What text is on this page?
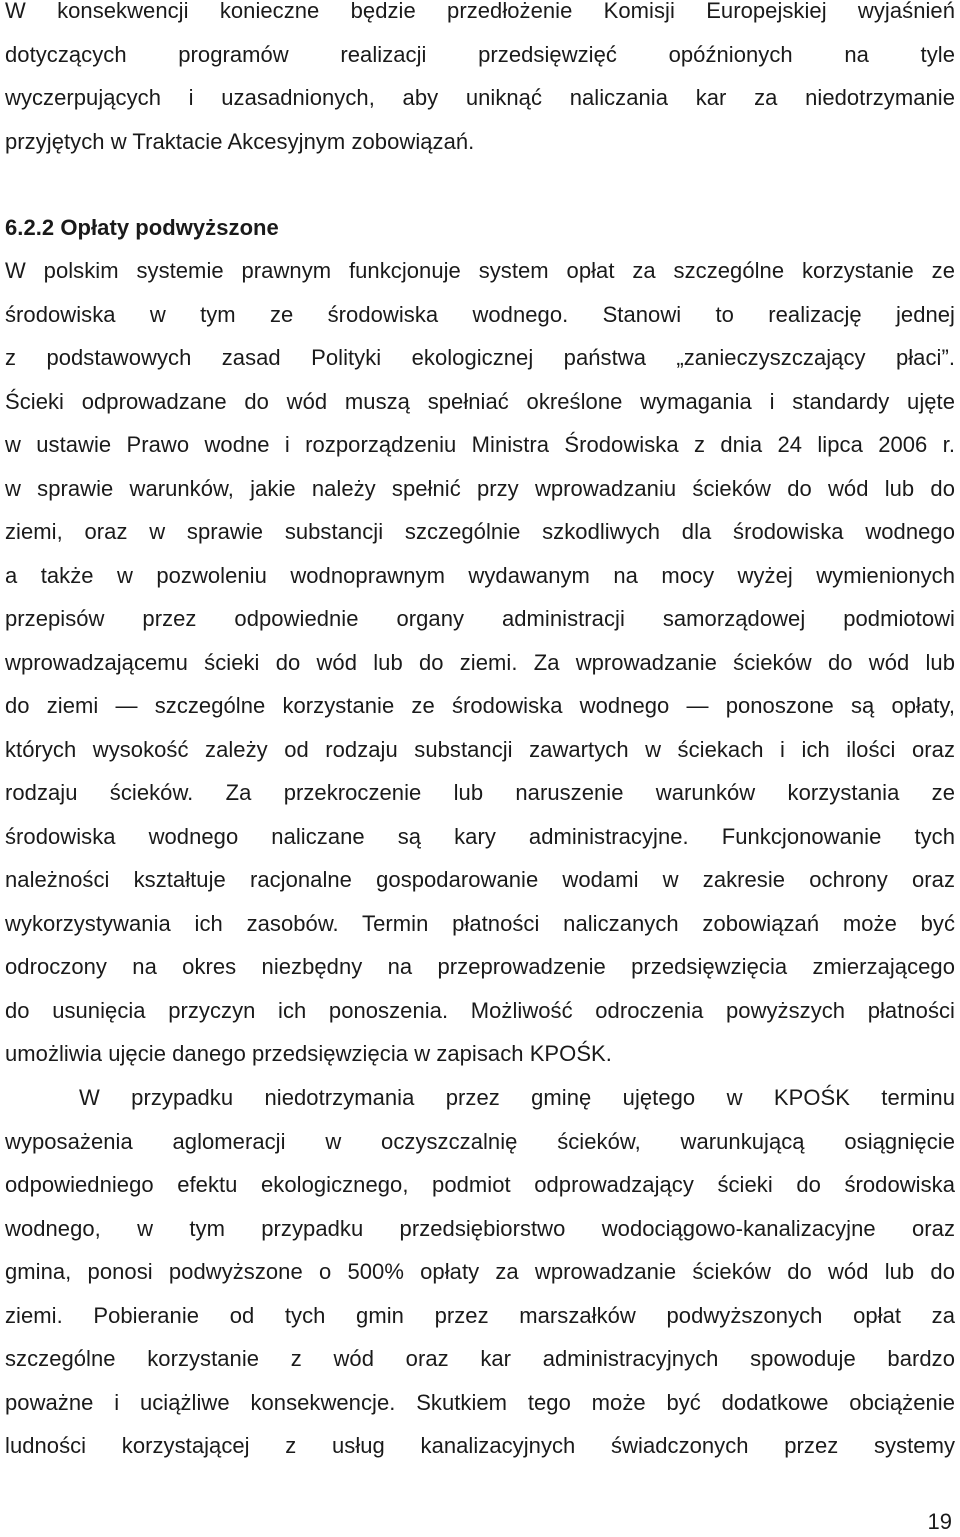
W konsekwencji konieczne będzie przedłożenie Komisji Europejskiej wyjaśnień
dotyczących programów realizacji przedsięwzięć opóźnionych na tyle
wyczerpujących i uzasadnionych, aby uniknąć naliczania kar za niedotrzymanie
przyjętych w Traktacie Akcesyjnym zobowiązań.
6.2.2 Opłaty podwyższone
W polskim systemie prawnym funkcjonuje system opłat za szczególne korzystanie ze
środowiska w tym ze środowiska wodnego. Stanowi to realizację jednej
z podstawowych zasad Polityki ekologicznej państwa „zanieczyszczający płaci”.
Ścieki odprowadzane do wód muszą spełniać określone wymagania i standardy ujęte
w ustawie Prawo wodne i rozporządzeniu Ministra Środowiska z dnia 24 lipca 2006 r.
w sprawie warunków, jakie należy spełnić przy wprowadzaniu ścieków do wód lub do
ziemi, oraz w sprawie substancji szczególnie szkodliwych dla środowiska wodnego
a także w pozwoleniu wodnoprawnym wydawanym na mocy wyżej wymienionych
przepisów przez odpowiednie organy administracji samorządowej podmiotowi
wprowadzającemu ścieki do wód lub do ziemi. Za wprowadzanie ścieków do wód lub
do ziemi — szczególne korzystanie ze środowiska wodnego — ponoszone są opłaty,
których wysokość zależy od rodzaju substancji zawartych w ściekach i ich ilości oraz
rodzaju ścieków. Za przekroczenie lub naruszenie warunków korzystania ze
środowiska wodnego naliczane są kary administracyjne. Funkcjonowanie tych
należności kształtuje racjonalne gospodarowanie wodami w zakresie ochrony oraz
wykorzystywania ich zasobów. Termin płatności naliczanych zobowiązań może być
odroczony na okres niezbędny na przeprowadzenie przedsięwzięcia zmierzającego
do usunięcia przyczyn ich ponoszenia. Możliwość odroczenia powyższych płatności
umożliwia ujęcie danego przedsięwzięcia w zapisach KPOŚK.
W przypadku niedotrzymania przez gminę ujętego w KPOŚK terminu
wyposażenia aglomeracji w oczyszczalnię ścieków, warunkującą osiągnięcie
odpowiedniego efektu ekologicznego, podmiot odprowadzający ścieki do środowiska
wodnego, w tym przypadku przedsiębiorstwo wodociągowo-kanalizacyjne oraz
gmina, ponosi podwyższone o 500% opłaty za wprowadzanie ścieków do wód lub do
ziemi. Pobieranie od tych gmin przez marszałków podwyższonych opłat za
szczególne korzystanie z wód oraz kar administracyjnych spowoduje bardzo
poważne i uciążliwe konsekwencje. Skutkiem tego może być dodatkowe obciążenie
ludności korzystającej z usług kanalizacyjnych świadczonych przez systemy
19
